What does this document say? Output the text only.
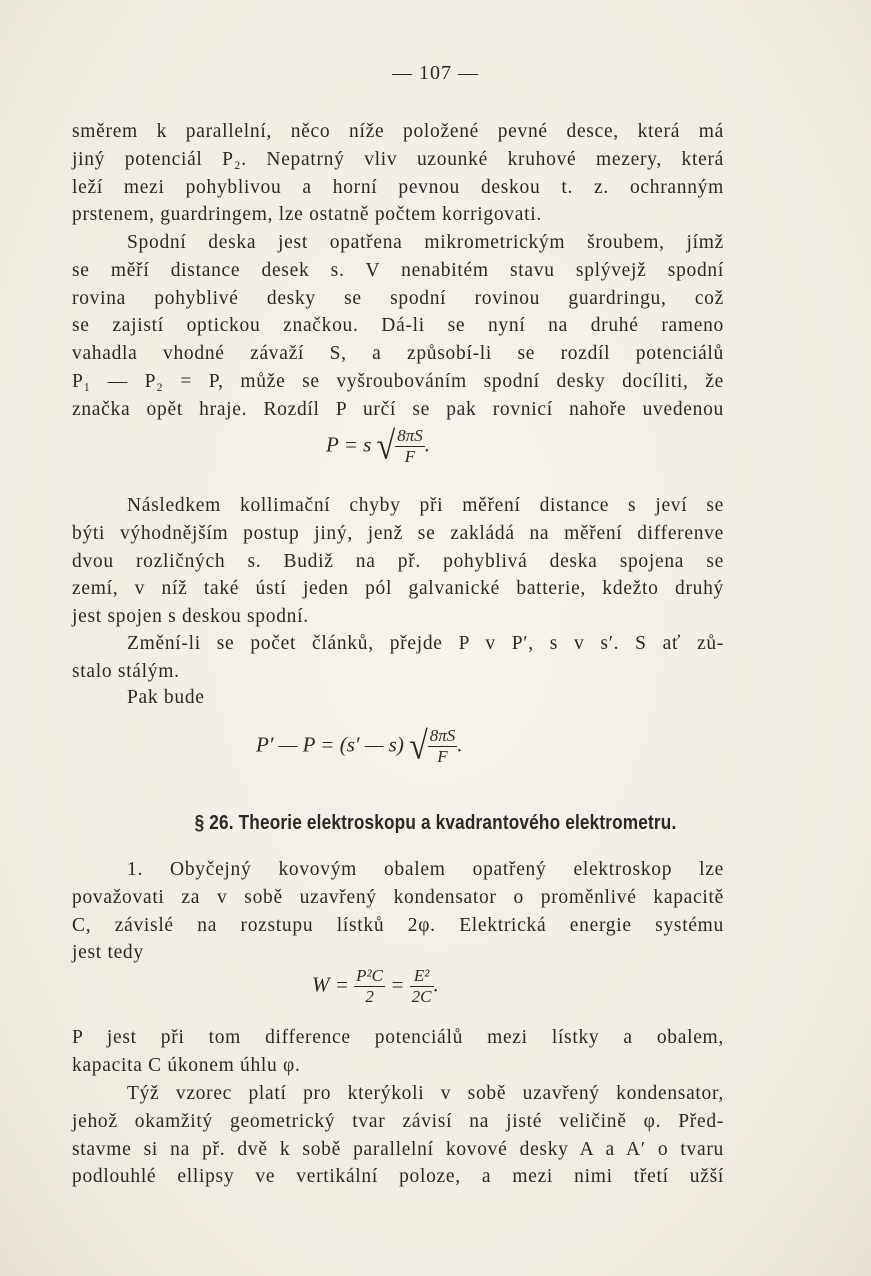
— 107 —
směrem k parallelní, něco níže položené pevné desce, která má
jiný potenciál P₂. Nepatrný vliv uzounké kruhové mezery, která
leží mezi pohyblivou a horní pevnou deskou t. z. ochranným
prstenem, guardringem, lze ostatně počtem korrigovati.
Spodní deska jest opatřena mikrometrickým šroubem, jímž
se měří distance desek s. V nenabitém stavu splývejž spodní
rovina pohyblivé desky se spodní rovinou guardringu, což
se zajistí optickou značkou. Dá-li se nyní na druhé rameno
vahadla vhodné závaží S, a způsobí-li se rozdíl potenciálů
P₁ — P₂ = P, může se vyšroubováním spodní desky docíliti, že
značka opět hraje. Rozdíl P určí se pak rovnicí nahoře uvedenou
P = s √ $\frac{8\pi S}{F}$ .
Následkem kollimační chyby při měření distance s jeví se
býti výhodnějším postup jiný, jenž se zakládá na měření differenve
dvou rozličných s. Budiž na př. pohyblivá deska spojena se
zemí, v níž také ústí jeden pól galvanické batterie, kdežto druhý
jest spojen s deskou spodní.
Změní-li se počet článků, přejde P v P′, s v s′. S ať zů-
stalo stálým.
Pak bude
P′ — P = (s′ — s) √ $\frac{8\pi S}{F}$ .
§ 26. Theorie elektroskopu a kvadrantového elektrometru.
1. Obyčejný kovovým obalem opatřený elektroskop lze
považovati za v sobě uzavřený kondensator o proměnlivé kapacitě
C, závislé na rozstupu lístků 2φ. Elektrická energie systému
jest tedy
$W = \frac{\text{P²C}}{2} = \frac{\text{E²}}{2C}$ .
P jest při tom difference potenciálů mezi lístky a obalem,
kapacita C úkonem úhlu φ.
Týž vzorec platí pro kterýkoli v sobě uzavřený kondensator,
jehož okamžitý geometrický tvar závisí na jisté veličině φ. Před-
stavme si na př. dvě k sobě parallelní kovové desky A a A′ o tvaru
podlouhlé ellipsy ve vertikální poloze, a mezi nimi třetí užší
